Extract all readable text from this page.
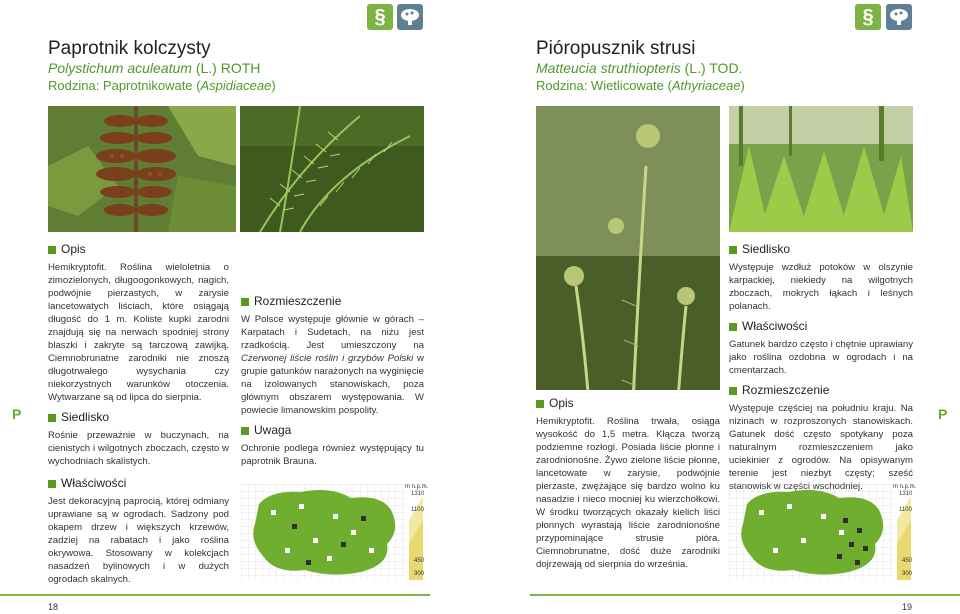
§	§
Paprotnik kolczysty
Polystichum aculeatum (L.) ROTH
Rodzina: Paprotnikowate (Aspidiaceae)
Pióropusznik strusi
Matteucia struthiopteris (L.) TOD.
Rodzina: Wietlicowate (Athyriaceae)
Opis

Hemikryptofit. Roślina wieloletnia o zimozielonych, długoogonkowych, nagich, podwójnie pierzastych, w zarysie lancetowatych liściach, które osiągają długość do 1 m. Koliste kupki zarodni znajdują się na nerwach spodniej strony blaszki i zakryte są tarczową zawijką. Ciemnobrunatne zarodniki nie znoszą długotrwałego wysychania czy niekorzystnych warunków otoczenia. Wytwarzane są od lipca do sierpnia.

Siedlisko

Rośnie przeważnie w buczynach, na cienistych i wilgotnych zboczach, często w wychodniach skalistych.

Właściwości

Jest dekoracyjną paprocią, której odmiany uprawiane są w ogrodach. Sadzony pod okapem drzew i większych krzewów, zadziej na rabatach i jako roślina okrywowa. Stosowany w kolekcjach nasadzeń bylinowych i w dużych ogrodach skalnych.

Rozmieszczenie

W Polsce występuje głównie w górach – Karpatach i Sudetach, na niżu jest rzadkością. Jest umieszczony na Czerwonej liście roślin i grzybów Polski w grupie gatunków narażonych na wyginięcie na izolowanych stanowiskach, poza głównym obszarem występowania. W powiecie limanowskim pospolity.

Uwaga

Ochronie podlega również występujący tu paprotnik Brauna.

m n.p.m.
1310
1100
450
300
Siedlisko

Występuje wzdłuż potoków w olszynie karpackiej, niekiedy na wilgotnych zboczach, mokrych łąkach i leśnych polanach.

Właściwości

Gatunek bardzo często i chętnie uprawiany jako roślina ozdobna w ogrodach i na cmentarzach.

Rozmieszczenie

Występuje częściej na południu kraju. Na nizinach w rozproszonych stanowiskach. Gatunek dość często spotykany poza naturalnym rozmieszczeniem jako uciekinier z ogrodów. Na opisywanym terenie jest niezbyt częsty; sześć

Opis

Hemikryptofit. Roślina trwała, osiąga wysokość do 1,5 metra. Kłącza tworzą podziemne rozłogi. Posiada liście płonne i zarodnionośne. Żywo zielone liście płonne, lancetowate w zarysie, podwójnie pierzaste, zwężające się bardzo wolno ku nasadzie i nieco mocniej ku wierzchołkowi. W środku tworzących okazały kielich liści płonnych wyrastają liście zarodnionośne przypominające strusie pióra. Ciemnobrunatne, dość duże zarodniki dojrzewają od sierpnia do września.

m n.p.m.
1310
1100
450
300
P	P
18	19
